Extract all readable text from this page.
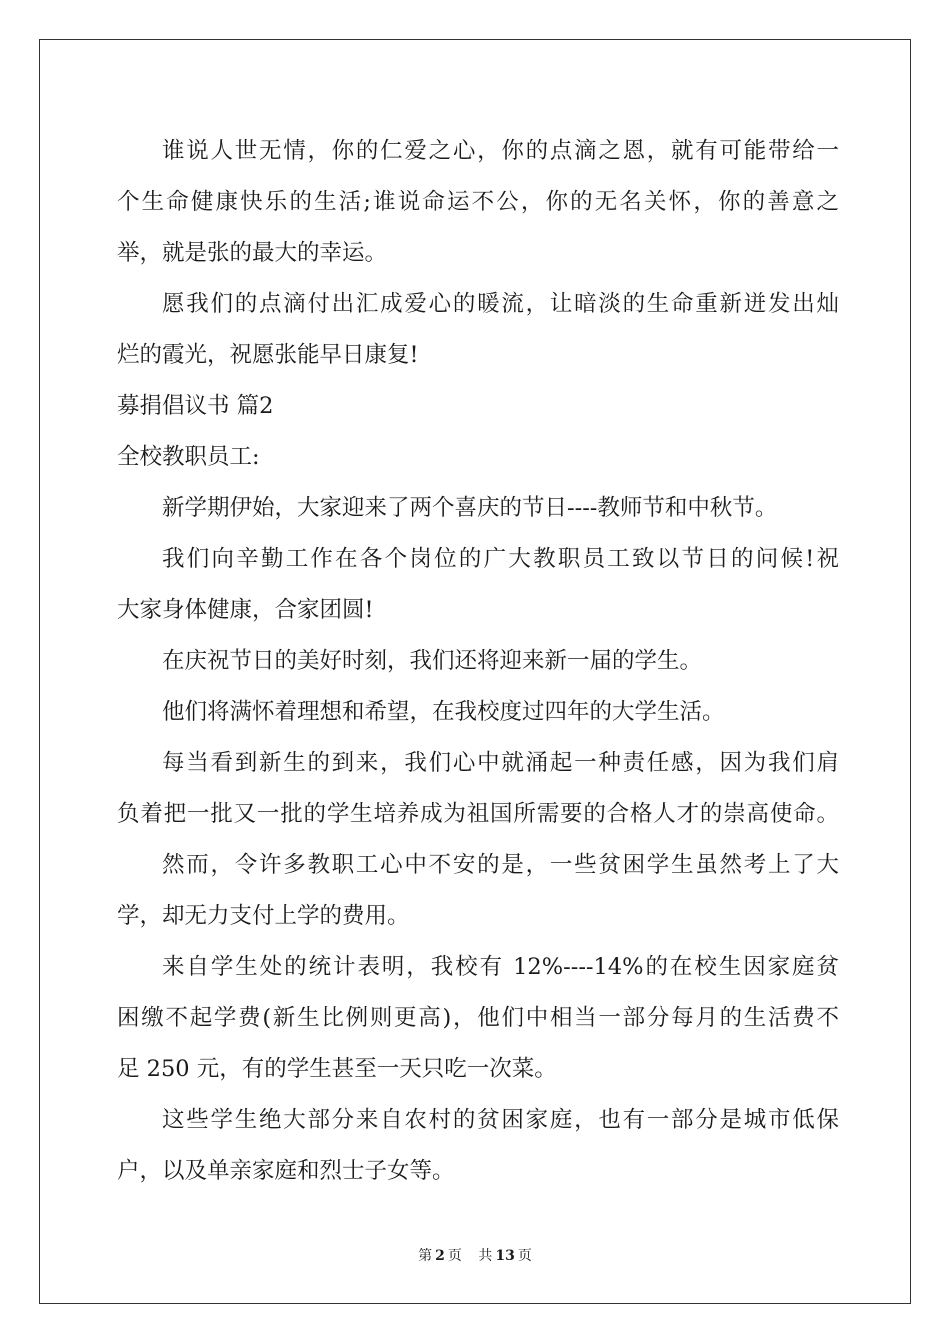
谁说人世无情，你的仁爱之心，你的点滴之恩，就有可能带给一
个生命健康快乐的生活;谁说命运不公，你的无名关怀，你的善意之
举，就是张的最大的幸运。
愿我们的点滴付出汇成爱心的暖流，让暗淡的生命重新迸发出灿
烂的霞光，祝愿张能早日康复!
募捐倡议书 篇2
全校教职员工:
新学期伊始，大家迎来了两个喜庆的节日----教师节和中秋节。
我们向辛勤工作在各个岗位的广大教职员工致以节日的问候!祝
大家身体健康，合家团圆!
在庆祝节日的美好时刻，我们还将迎来新一届的学生。
他们将满怀着理想和希望，在我校度过四年的大学生活。
每当看到新生的到来，我们心中就涌起一种责任感，因为我们肩
负着把一批又一批的学生培养成为祖国所需要的合格人才的崇高使命。
然而，令许多教职工心中不安的是，一些贫困学生虽然考上了大
学，却无力支付上学的费用。
来自学生处的统计表明，我校有 12%----14%的在校生因家庭贫
困缴不起学费(新生比例则更高)，他们中相当一部分每月的生活费不
足 250 元，有的学生甚至一天只吃一次菜。
这些学生绝大部分来自农村的贫困家庭，也有一部分是城市低保
户，以及单亲家庭和烈士子女等。
第 2 页 共 13 页
